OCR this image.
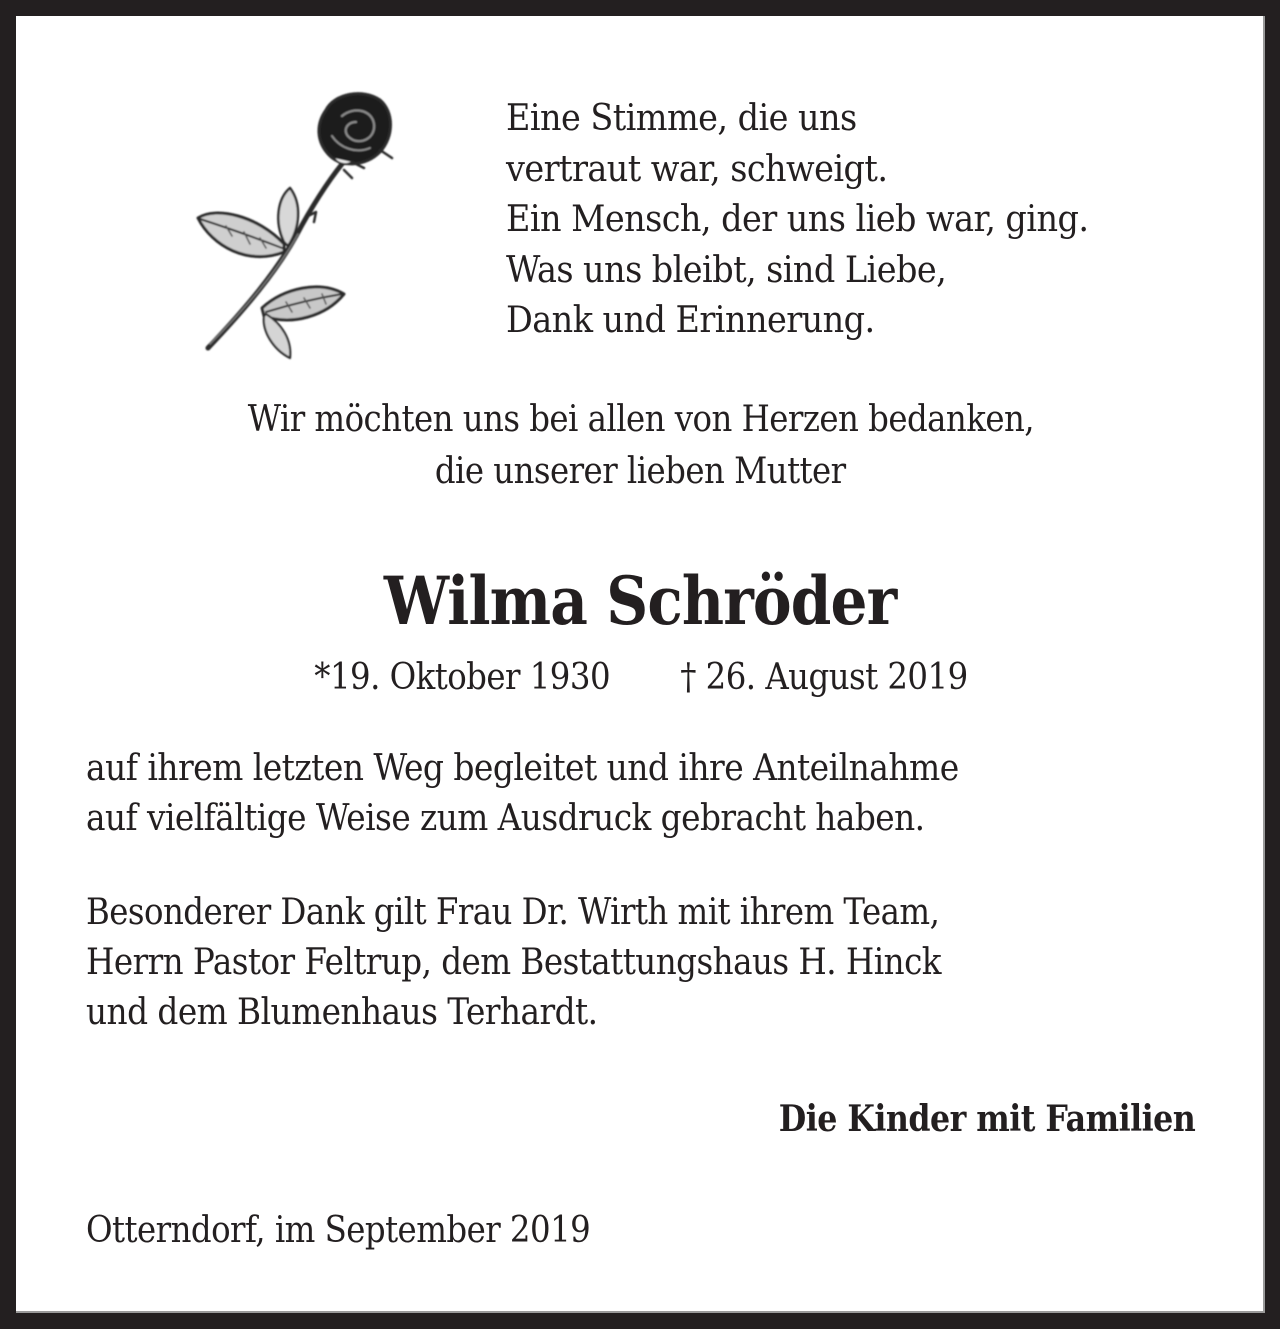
Eine Stimme, die uns
vertraut war, schweigt.
Ein Mensch, der uns lieb war, ging.
Was uns bleibt, sind Liebe,
Dank und Erinnerung.
Wir möchten uns bei allen von Herzen bedanken,
die unserer lieben Mutter
Wilma Schröder
*19. Oktober 1930 † 26. August 2019
auf ihrem letzten Weg begleitet und ihre Anteilnahme
auf vielfältige Weise zum Ausdruck gebracht haben.
Besonderer Dank gilt Frau Dr. Wirth mit ihrem Team,
Herrn Pastor Feltrup, dem Bestattungshaus H. Hinck
und dem Blumenhaus Terhardt.
Die Kinder mit Familien
Otterndorf, im September 2019
